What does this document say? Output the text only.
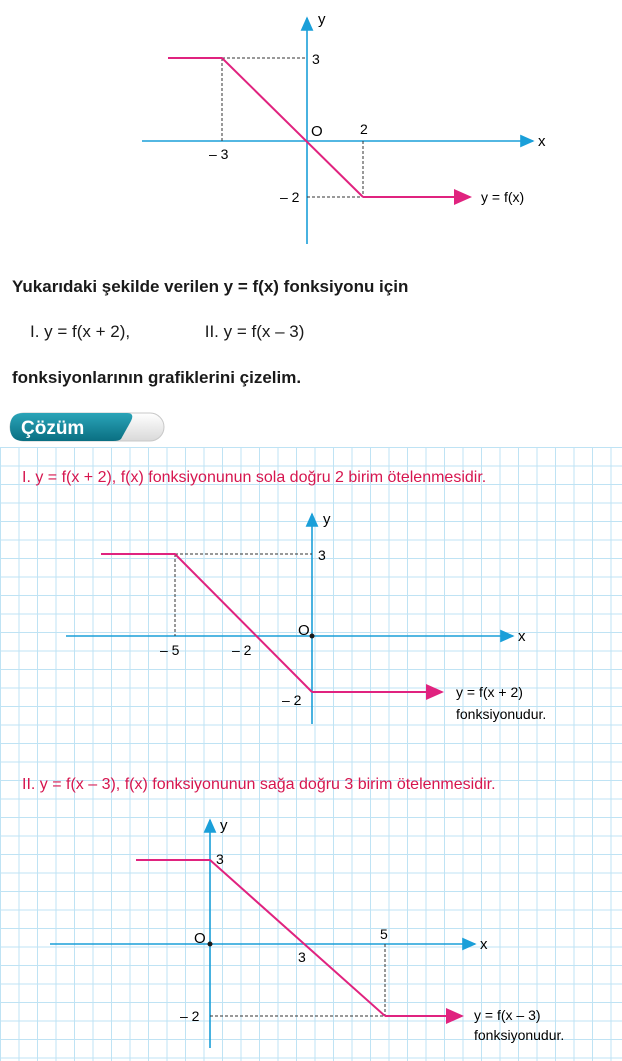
x
y
O
3
2
– 3
– 2	y = f(x)
Yukarıdaki şekilde verilen y = f(x) fonksiyonu için
I. y = f(x + 2),	II. y = f(x – 3)
fonksiyonlarının grafiklerini çizelim.
Çözüm
I. y = f(x + 2), f(x) fonksiyonunun sola doğru 2 birim ötelenmesidir.
x
y
O
3
– 5	– 2
– 2	y = f(x + 2)
fonksiyonudur.
II. y = f(x – 3), f(x) fonksiyonunun sağa doğru 3 birim ötelenmesidir.
x
y
O
3
3
5
– 2	y = f(x – 3)
fonksiyonudur.
